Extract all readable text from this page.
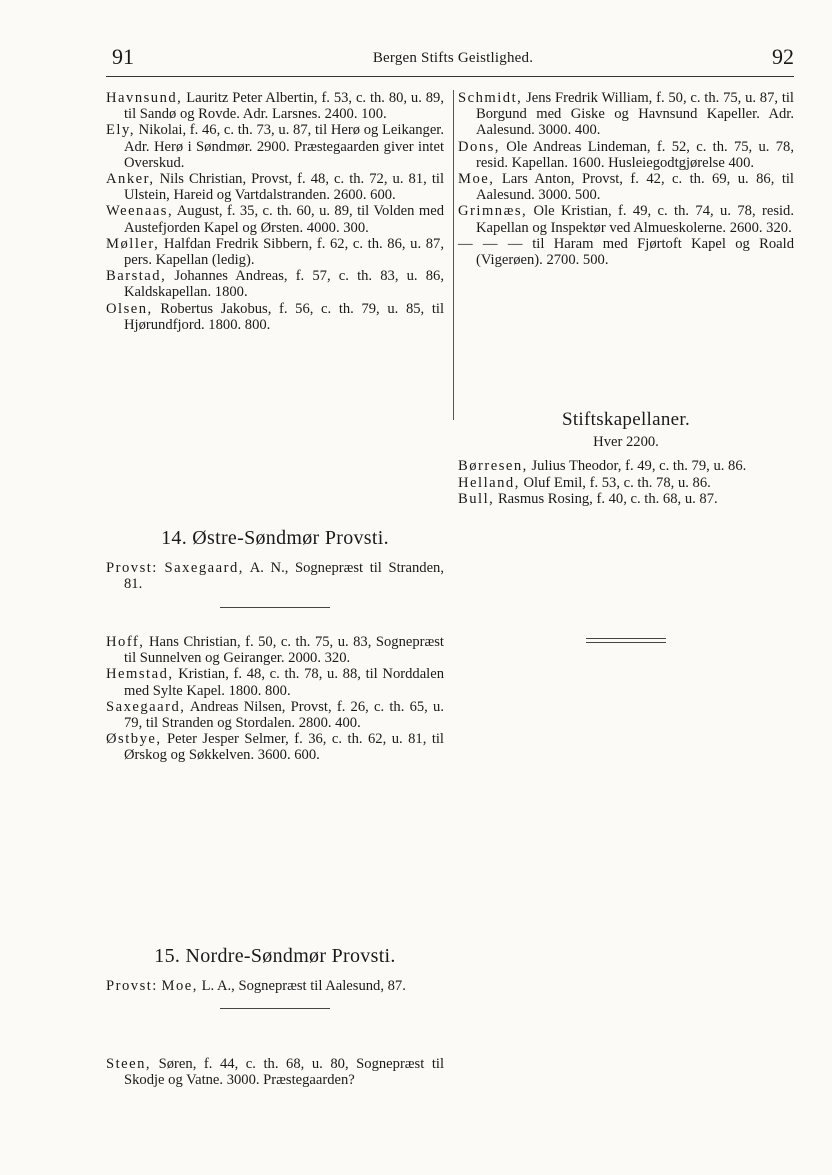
91	Bergen Stifts Geistlighed.	92

Havnsund, Lauritz Peter Albertin, f. 53, c. th. 80, u. 89, til Sandø og Rovde. Adr. Larsnes. 2400. 100.

Ely, Nikolai, f. 46, c. th. 73, u. 87, til Herø og Leikanger. Adr. Herø i Søndmør. 2900. Præstegaarden giver intet Overskud.

Anker, Nils Christian, Provst, f. 48, c. th. 72, u. 81, til Ulstein, Hareid og Vartdalstranden. 2600. 600.

Weenaas, August, f. 35, c. th. 60, u. 89, til Volden med Austefjorden Kapel og Ørsten. 4000. 300.

Møller, Halfdan Fredrik Sibbern, f. 62, c. th. 86, u. 87, pers. Kapellan (ledig).

Barstad, Johannes Andreas, f. 57, c. th. 83, u. 86, Kaldskapellan. 1800.

Olsen, Robertus Jakobus, f. 56, c. th. 79, u. 85, til Hjørundfjord. 1800. 800.

14. Østre-Søndmør Provsti.

Provst: Saxegaard, A. N., Sognepræst til Stranden, 81.

Hoff, Hans Christian, f. 50, c. th. 75, u. 83, Sognepræst til Sunnelven og Geiranger. 2000. 320.

Hemstad, Kristian, f. 48, c. th. 78, u. 88, til Norddalen med Sylte Kapel. 1800. 800.

Saxegaard, Andreas Nilsen, Provst, f. 26, c. th. 65, u. 79, til Stranden og Stordalen. 2800. 400.

Østbye, Peter Jesper Selmer, f. 36, c. th. 62, u. 81, til Ørskog og Søkkelven. 3600. 600.

15. Nordre-Søndmør Provsti.

Provst: Moe, L. A., Sognepræst til Aalesund, 87.

Steen, Søren, f. 44, c. th. 68, u. 80, Sognepræst til Skodje og Vatne. 3000. Præstegaarden?

Schmidt, Jens Fredrik William, f. 50, c. th. 75, u. 87, til Borgund med Giske og Havnsund Kapeller. Adr. Aalesund. 3000. 400.

Dons, Ole Andreas Lindeman, f. 52, c. th. 75, u. 78, resid. Kapellan. 1600. Husleiegodtgjørelse 400.

Moe, Lars Anton, Provst, f. 42, c. th. 69, u. 86, til Aalesund. 3000. 500.

Grimnæs, Ole Kristian, f. 49, c. th. 74, u. 78, resid. Kapellan og Inspektør ved Almueskolerne. 2600. 320.

— — — til Haram med Fjørtoft Kapel og Roald (Vigerøen). 2700. 500.

Stiftskapellaner.

Hver 2200.

Børresen, Julius Theodor, f. 49, c. th. 79, u. 86.

Helland, Oluf Emil, f. 53, c. th. 78, u. 86.

Bull, Rasmus Rosing, f. 40, c. th. 68, u. 87.
